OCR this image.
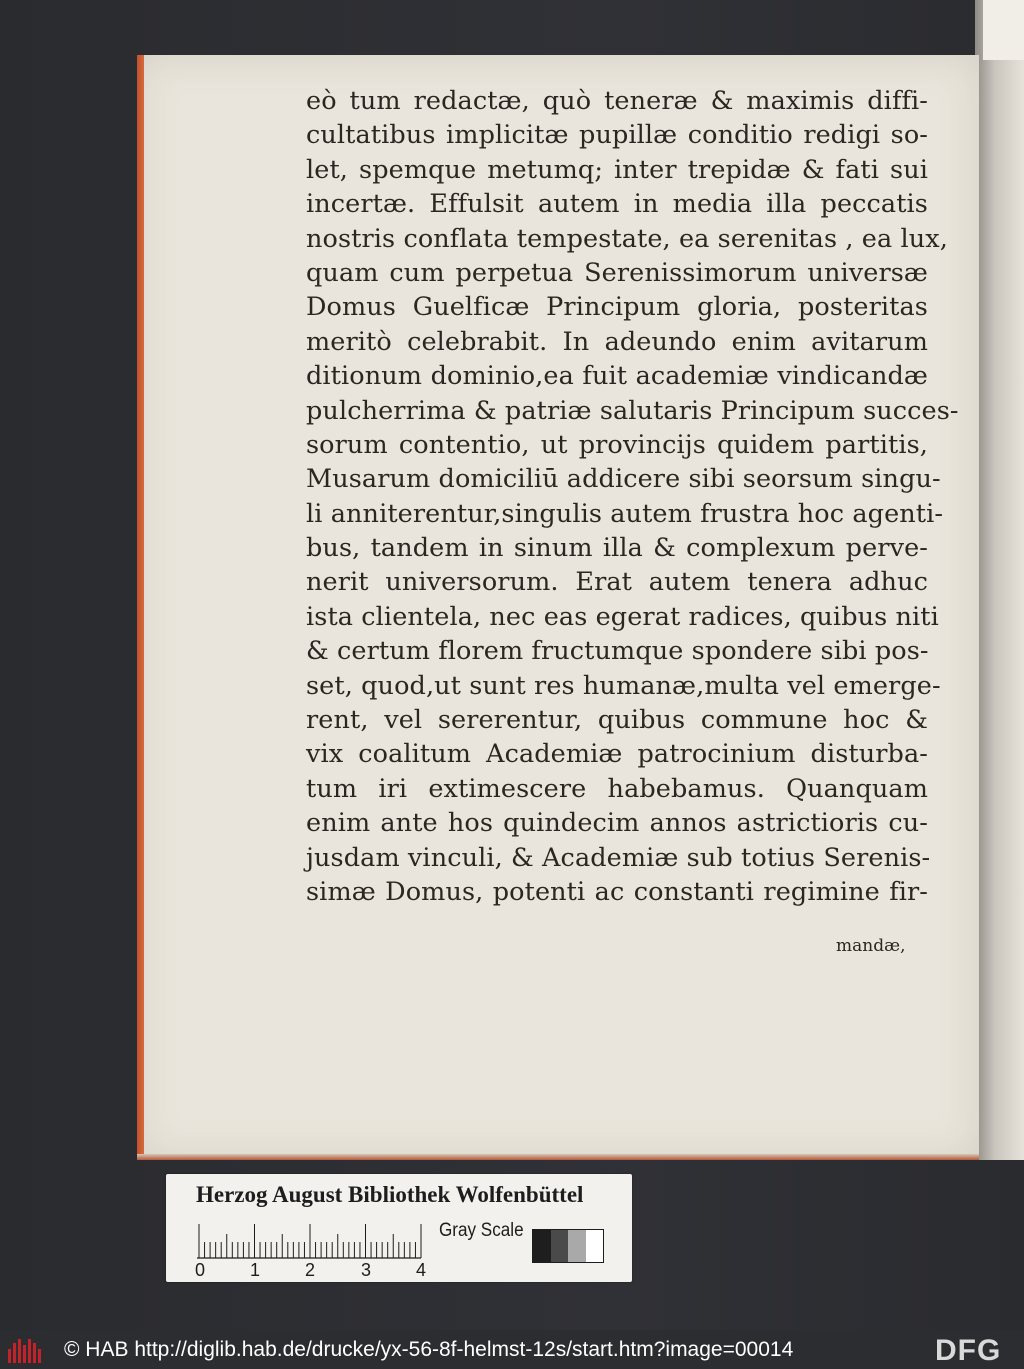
eò tum redactæ, quò teneræ & maximis diffi-
cultatibus implicitæ pupillæ conditio redigi so-
let, spemque metumq; inter trepidæ & fati sui
incertæ. Effulsit autem in media illa peccatis
nostris conflata tempestate, ea serenitas , ea lux,
quam cum perpetua Serenissimorum universæ
Domus Guelficæ Principum gloria, posteritas
meritò celebrabit. In adeundo enim avitarum
ditionum dominio,ea fuit academiæ vindicandæ
pulcherrima & patriæ salutaris Principum succes-
sorum contentio, ut provincijs quidem partitis,
Musarum domiciliū addicere sibi seorsum singu-
li anniterentur,singulis autem frustra hoc agenti-
bus, tandem in sinum illa & complexum perve-
nerit universorum. Erat autem tenera adhuc
ista clientela, nec eas egerat radices, quibus niti
& certum florem fructumque spondere sibi pos-
set, quod,ut sunt res humanæ,multa vel emerge-
rent, vel sererentur, quibus commune hoc &
vix coalitum Academiæ patrocinium disturba-
tum iri extimescere habebamus. Quanquam
enim ante hos quindecim annos astrictioris cu-
jusdam vinculi, & Academiæ sub totius Serenis-
simæ Domus, potenti ac constanti regimine fir-
mandæ,
Herzog August Bibliothek Wolfenbüttel
Gray Scale
0 1 2	3 4
© HAB http://diglib.hab.de/drucke/yx-56-8f-helmst-12s/start.htm?image=00014	DFG
